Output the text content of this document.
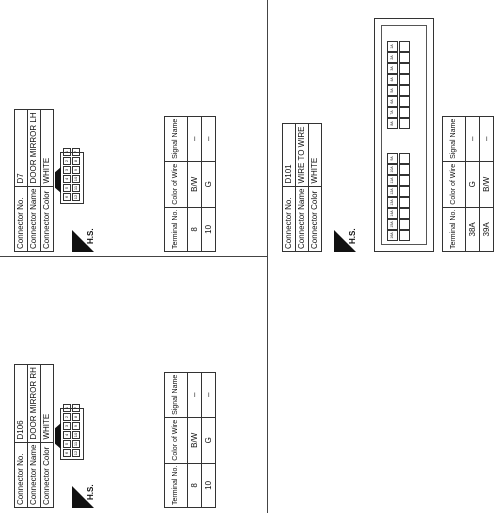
Connector No.	D7
Connector Name	DOOR MIRROR LH
Connector Color	WHITE
H.S.
6
5
4
3
2
1
12
11
10
9
8
7
Terminal No.	Color of Wire	Signal Name
8	B/W	–
10	G	–
Connector No.	D106
Connector Name	DOOR MIRROR RH
Connector Color	WHITE
H.S.
6
5
4
3
2
1
12
11
10
9
8
7
Terminal No.	Color of Wire	Signal Name
8	B/W	–
10	G	–
Connector No.	D101
Connector Name	WIRE TO WIRE
Connector Color	WHITE
H.S.	16A
15A
14A
13A
12A
11A
10A
9A
8A
7A
6A
5A
4A
3A
2A
1A
Terminal No.	Color of Wire	Signal Name
38A	G	–
39A	B/W	–
